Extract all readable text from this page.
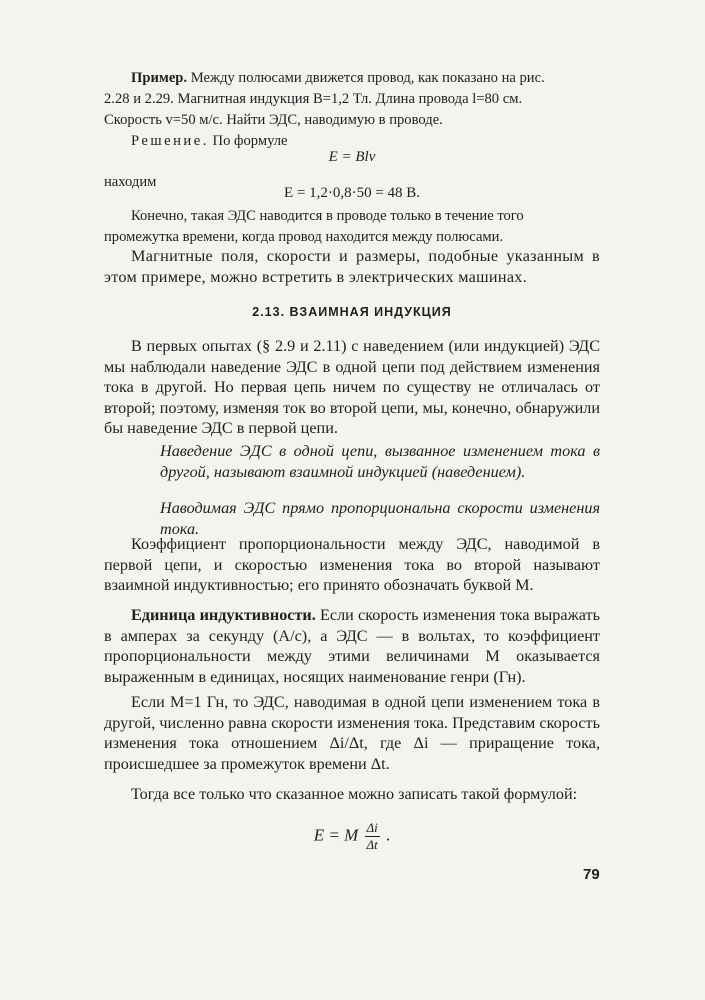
Пример. Между полюсами движется провод, как показано на рис.
2.28 и 2.29. Магнитная индукция B=1,2 Тл. Длина провода l=80 см.
Скорость v=50 м/с. Найти ЭДС, наводимую в проводе.
Решение. По формуле
E = Blv
находим
E = 1,2·0,8·50 = 48 В.
Конечно, такая ЭДС наводится в проводе только в течение того
промежутка времени, когда провод находится между полюсами.
Магнитные поля, скорости и размеры, подобные указанным в этом примере, можно встретить в электрических машинах.
2.13. ВЗАИМНАЯ ИНДУКЦИЯ
В первых опытах (§ 2.9 и 2.11) с наведением (или индукцией) ЭДС мы наблюдали наведение ЭДС в одной цепи под действием изменения тока в другой. Но первая цепь ничем по существу не отличалась от второй; поэтому, изменяя ток во второй цепи, мы, конечно, обнаружили бы наведение ЭДС в первой цепи.
Наведение ЭДС в одной цепи, вызванное изменением тока в другой, называют взаимной индукцией (наведением).
Наводимая ЭДС прямо пропорциональна скорости изменения тока.
Коэффициент пропорциональности между ЭДС, наводимой в первой цепи, и скоростью изменения тока во второй называют взаимной индуктивностью; его принято обозначать буквой M.
Единица индуктивности. Если скорость изменения тока выражать в амперах за секунду (А/с), а ЭДС — в вольтах, то коэффициент пропорциональности между этими величинами M оказывается выраженным в единицах, носящих наименование генри (Гн).
Если M=1 Гн, то ЭДС, наводимая в одной цепи изменением тока в другой, численно равна скорости изменения тока. Представим скорость изменения тока отношением Δi/Δt, где Δi — приращение тока, происшедшее за промежуток времени Δt.
Тогда все только что сказанное можно записать такой формулой:
E = M $\frac{\Delta i}{\Delta t}$ .
79
